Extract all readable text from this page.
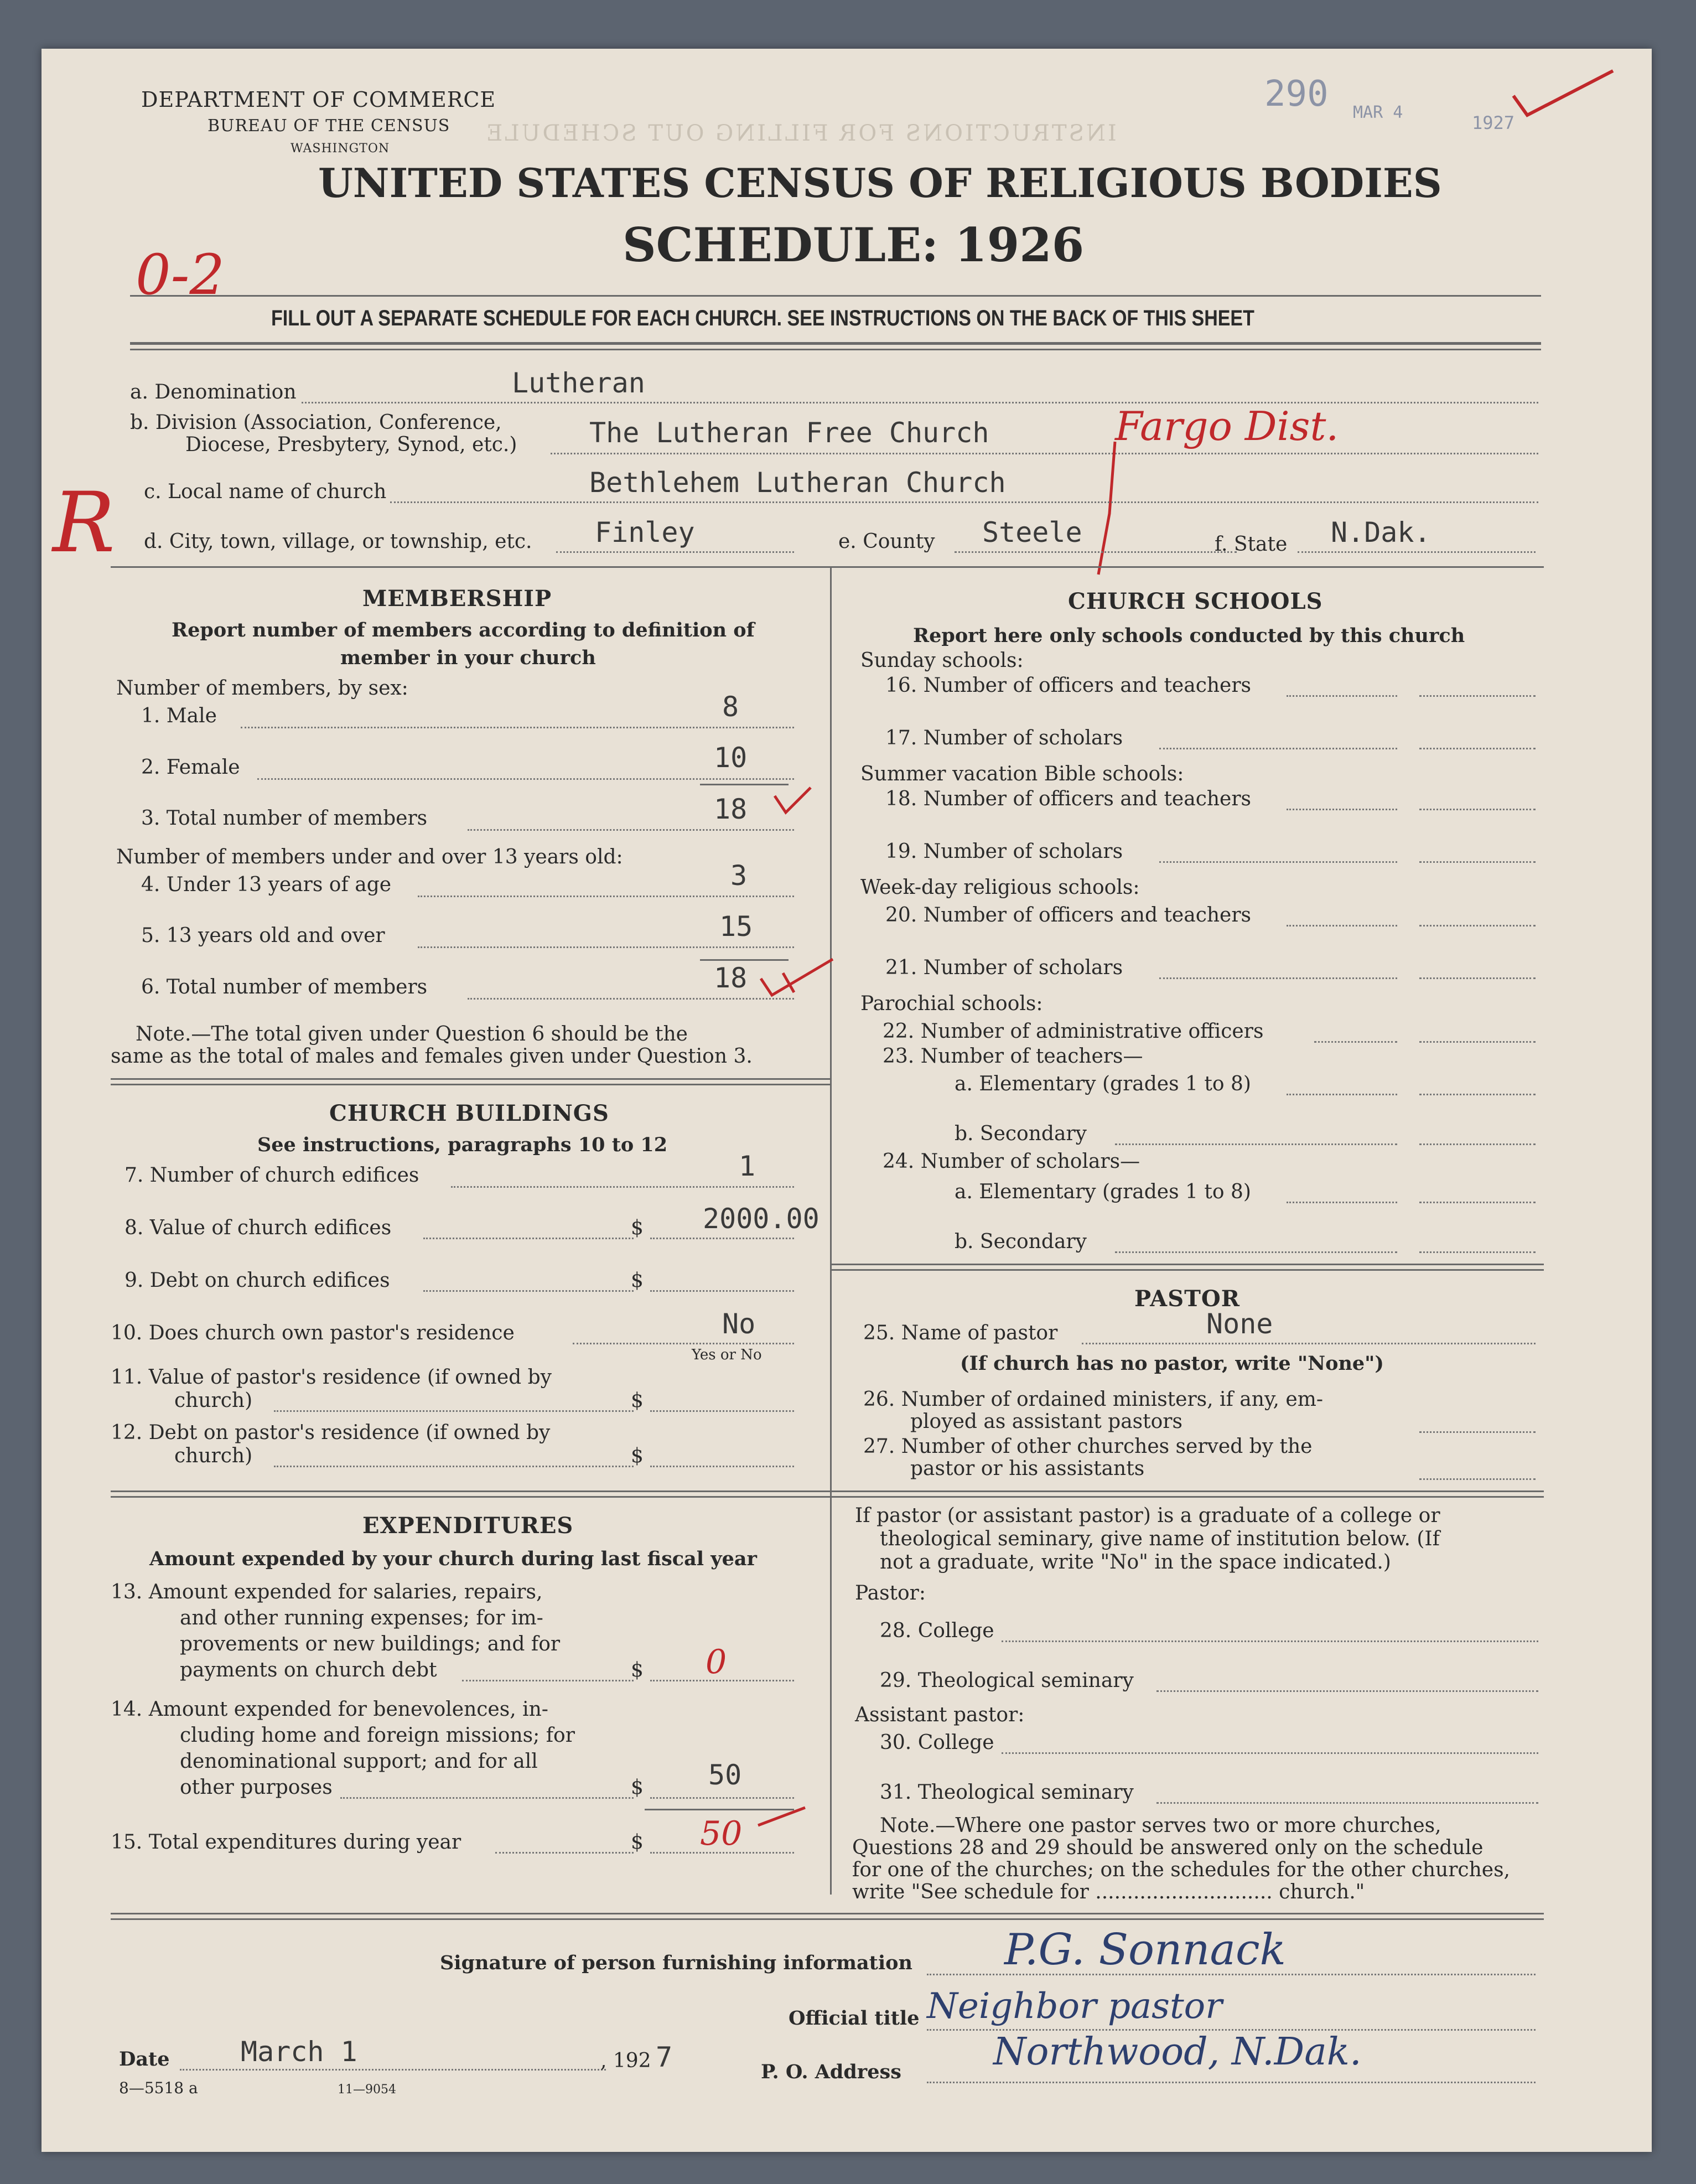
INSTRUCTIONS FOR FILLING OUT SCHEDULE
DEPARTMENT OF COMMERCE
BUREAU OF THE CENSUS
WASHINGTON
290 MAR 4	1927
UNITED STATES CENSUS OF RELIGIOUS BODIES
SCHEDULE: 1926
0-2
FILL OUT A SEPARATE SCHEDULE FOR EACH CHURCH. SEE INSTRUCTIONS ON THE BACK OF THIS SHEET
a. Denomination	Lutheran
b. Division (Association, Conference,
Diocese, Presbytery, Synod, etc.)	The Lutheran Free Church	Fargo Dist.
R c. Local name of church	Bethlehem Lutheran Church
d. City, town, village, or township, etc. Finley	e. County Steele	f. State N.Dak.
MEMBERSHIP
Report number of members according to definition of
member in your church
Number of members, by sex:
1. Male	8
2. Female	10
3. Total number of members	18
Number of members under and over 13 years old:
4. Under 13 years of age	3
5. 13 years old and over	15
6. Total number of members	18
Note.—The total given under Question 6 should be the
same as the total of males and females given under Question 3.
CHURCH BUILDINGS
See instructions, paragraphs 10 to 12
7. Number of church edifices	1
8. Value of church edifices	$ 2000.00
9. Debt on church edifices	$
10. Does church own pastor's residence	No
Yes or No
11. Value of pastor's residence (if owned by
church)	$
12. Debt on pastor's residence (if owned by
church)	$
EXPENDITURES
Amount expended by your church during last fiscal year
13. Amount expended for salaries, repairs,
and other running expenses; for im-
provements or new buildings; and for
payments on church debt	$ 0
14. Amount expended for benevolences, in-
cluding home and foreign missions; for
denominational support; and for all
other purposes	$ 50
15. Total expenditures during year	$ 50
CHURCH SCHOOLS
Report here only schools conducted by this church
Sunday schools:
16. Number of officers and teachers
17. Number of scholars
Summer vacation Bible schools:
18. Number of officers and teachers
19. Number of scholars
Week-day religious schools:
20. Number of officers and teachers
21. Number of scholars
Parochial schools:
22. Number of administrative officers
23. Number of teachers—
a. Elementary (grades 1 to 8)
b. Secondary
24. Number of scholars—
a. Elementary (grades 1 to 8)
b. Secondary
PASTOR
25. Name of pastor	None
(If church has no pastor, write "None")
26. Number of ordained ministers, if any, em-
ployed as assistant pastors
27. Number of other churches served by the
pastor or his assistants
If pastor (or assistant pastor) is a graduate of a college or
theological seminary, give name of institution below. (If
not a graduate, write "No" in the space indicated.)
Pastor:
28. College
29. Theological seminary
Assistant pastor:
30. College
31. Theological seminary
Note.—Where one pastor serves two or more churches,
Questions 28 and 29 should be answered only on the schedule
for one of the churches; on the schedules for the other churches,
write "See schedule for ............................ church."
Signature of person furnishing information P.G. Sonnack
Official title Neighbor pastor
Date	March 1	, 192 7	P. O. Address Northwood, N.Dak.
8—5518 a	11—9054
